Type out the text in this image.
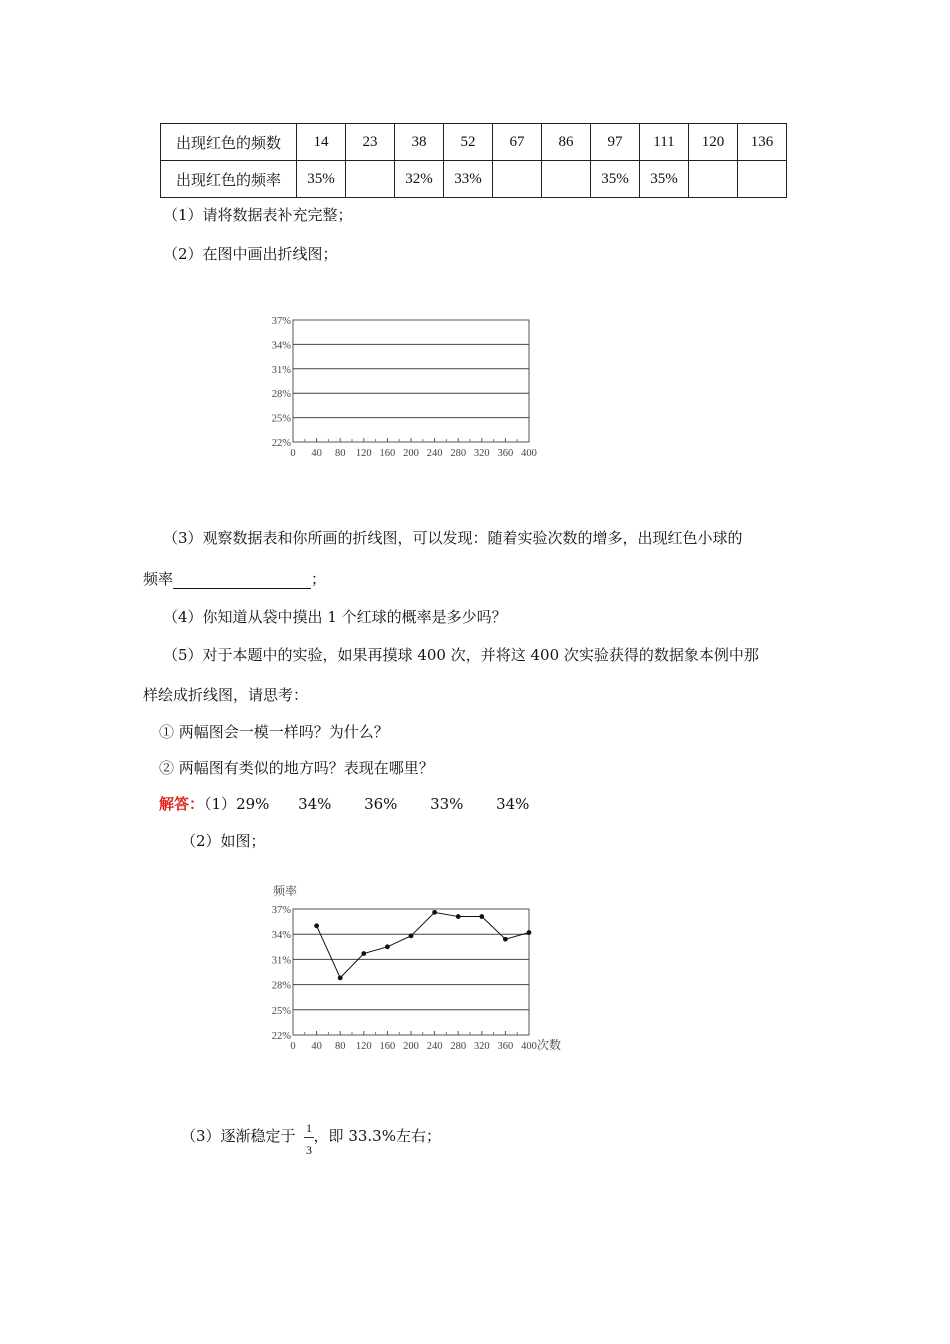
出现红色的频数	14	23	38	52	67	86	97	111	120	136
出现红色的频率	35%		32%	33%			35%	35%		
（1）请将数据表补充完整；
（2）在图中画出折线图；
22%
25%
28%
31%
34%
37%
0 40 80 120 160 200 240 280 320 360 400
（3）观察数据表和你所画的折线图，可以发现：随着实验次数的增多，出现红色小球的
频率	；
（4）你知道从袋中摸出 1 个红球的概率是多少吗？
（5）对于本题中的实验，如果再摸球 400 次，并将这 400 次实验获得的数据象本例中那
样绘成折线图，请思考：
① 两幅图会一模一样吗？为什么？
② 两幅图有类似的地方吗？表现在哪里？
解答：（1）29% 34% 36% 33% 34%
（2）如图；
22%
25%
28%
31%
34%
37%
0 40 80 120 160 200 240 280 320 360 400
频率
次数
（3）逐渐稳定于 ，即 33.3%左右；
1
3
